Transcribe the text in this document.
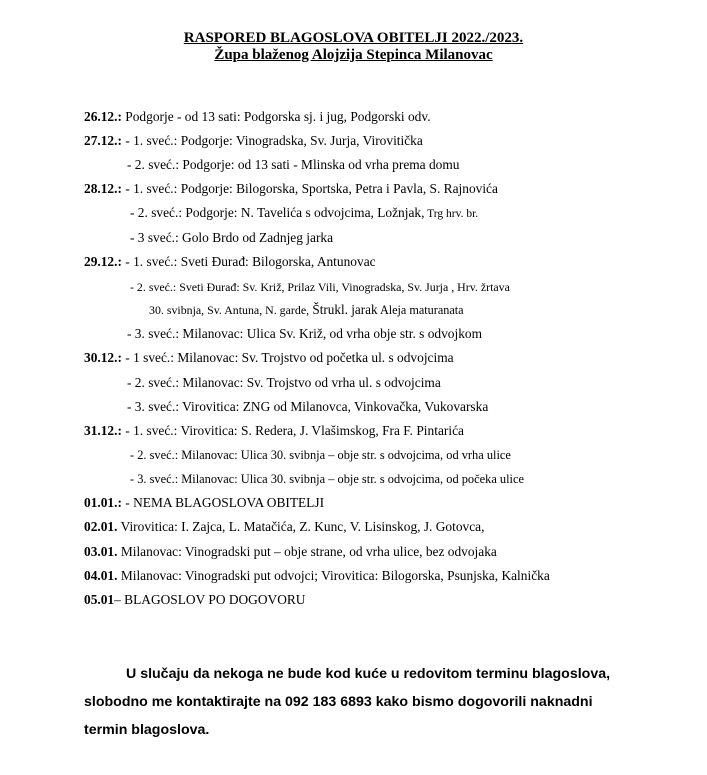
RASPORED BLAGOSLOVA OBITELJI 2022./2023.
Župa blaženog Alojzija Stepinca Milanovac
26.12.: Podgorje - od 13 sati: Podgorska sj. i jug, Podgorski odv.
27.12.: - 1. sveć.: Podgorje: Vinogradska, Sv. Jurja, Virovitička
- 2. sveć.: Podgorje: od 13 sati - Mlinska od vrha prema domu
28.12.: - 1. sveć.: Podgorje: Bilogorska, Sportska, Petra i Pavla, S. Rajnovića
- 2. sveć.: Podgorje: N. Tavelića s odvojcima, Ložnjak, Trg hrv. br.
- 3 sveć.: Golo Brdo od Zadnjeg jarka
29.12.: - 1. sveć.: Sveti Đurađ: Bilogorska, Antunovac
- 2. sveć.: Sveti Đurađ: Sv. Križ, Prilaz Vili, Vinogradska, Sv. Jurja , Hrv. žrtava
30. svibnja, Sv. Antuna, N. garde, Štrukl. jarak Aleja maturanata
- 3. sveć.: Milanovac: Ulica Sv. Križ, od vrha obje str. s odvojkom
30.12.: - 1 sveć.: Milanovac: Sv. Trojstvo od početka ul. s odvojcima
- 2. sveć.: Milanovac: Sv. Trojstvo od vrha ul. s odvojcima
- 3. sveć.: Virovitica: ZNG od Milanovca, Vinkovačka, Vukovarska
31.12.: - 1. sveć.: Virovitica: S. Redera, J. Vlašimskog, Fra F. Pintarića
- 2. sveć.: Milanovac: Ulica 30. svibnja – obje str. s odvojcima, od vrha ulice
- 3. sveć.: Milanovac: Ulica 30. svibnja – obje str. s odvojcima, od počeka ulice
01.01.: - NEMA BLAGOSLOVA OBITELJI
02.01. Virovitica: I. Zajca, L. Matačića, Z. Kunc, V. Lisinskog, J. Gotovca,
03.01. Milanovac: Vinogradski put – obje strane, od vrha ulice, bez odvojaka
04.01. Milanovac: Vinogradski put odvojci; Virovitica: Bilogorska, Psunjska, Kalnička
05.01– BLAGOSLOV PO DOGOVORU

U slučaju da nekoga ne bude kod kuće u redovitom terminu blagoslova,

slobodno me kontaktirajte na 092 183 6893 kako bismo dogovorili naknadni

termin blagoslova.
